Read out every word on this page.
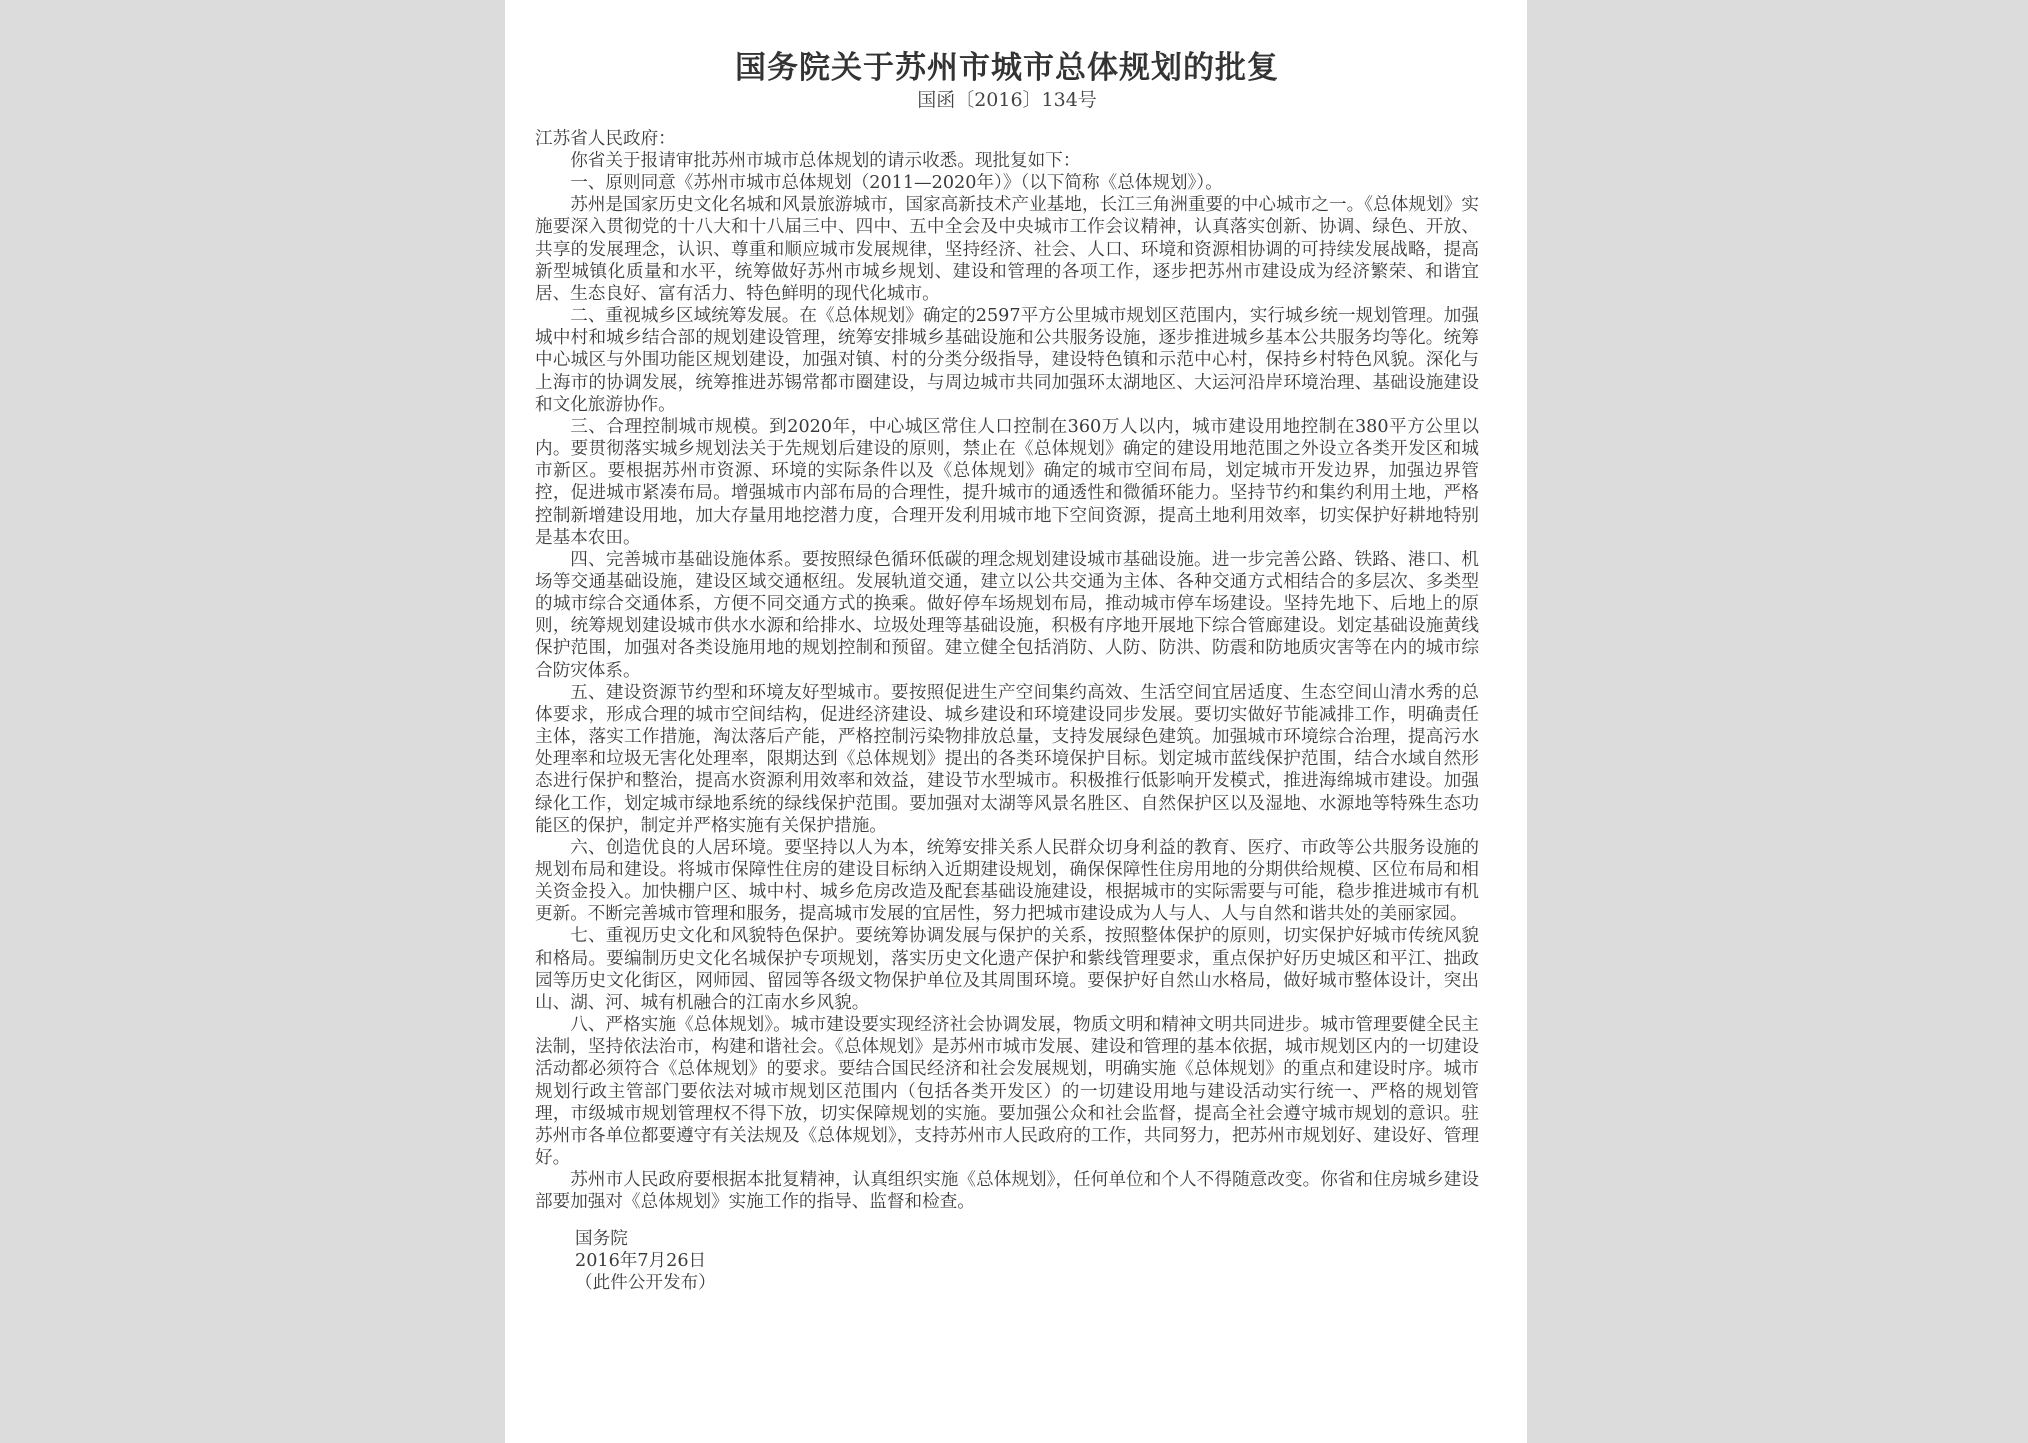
国务院关于苏州市城市总体规划的批复
国函〔2016〕134号
江苏省人民政府：

你省关于报请审批苏州市城市总体规划的请示收悉。现批复如下：

一、原则同意《苏州市城市总体规划（2011—2020年）》（以下简称《总体规划》）。

苏州是国家历史文化名城和风景旅游城市，国家高新技术产业基地，长江三角洲重要的中心城市之一。《总体规划》实施要深入贯彻党的十八大和十八届三中、四中、五中全会及中央城市工作会议精神，认真落实创新、协调、绿色、开放、共享的发展理念，认识、尊重和顺应城市发展规律，坚持经济、社会、人口、环境和资源相协调的可持续发展战略，提高新型城镇化质量和水平，统筹做好苏州市城乡规划、建设和管理的各项工作，逐步把苏州市建设成为经济繁荣、和谐宜居、生态良好、富有活力、特色鲜明的现代化城市。

二、重视城乡区域统筹发展。在《总体规划》确定的2597平方公里城市规划区范围内，实行城乡统一规划管理。加强城中村和城乡结合部的规划建设管理，统筹安排城乡基础设施和公共服务设施，逐步推进城乡基本公共服务均等化。统筹中心城区与外围功能区规划建设，加强对镇、村的分类分级指导，建设特色镇和示范中心村，保持乡村特色风貌。深化与上海市的协调发展，统筹推进苏锡常都市圈建设，与周边城市共同加强环太湖地区、大运河沿岸环境治理、基础设施建设和文化旅游协作。

三、合理控制城市规模。到2020年，中心城区常住人口控制在360万人以内，城市建设用地控制在380平方公里以内。要贯彻落实城乡规划法关于先规划后建设的原则，禁止在《总体规划》确定的建设用地范围之外设立各类开发区和城市新区。要根据苏州市资源、环境的实际条件以及《总体规划》确定的城市空间布局，划定城市开发边界，加强边界管控，促进城市紧凑布局。增强城市内部布局的合理性，提升城市的通透性和微循环能力。坚持节约和集约利用土地，严格控制新增建设用地，加大存量用地挖潜力度，合理开发利用城市地下空间资源，提高土地利用效率，切实保护好耕地特别是基本农田。

四、完善城市基础设施体系。要按照绿色循环低碳的理念规划建设城市基础设施。进一步完善公路、铁路、港口、机场等交通基础设施，建设区域交通枢纽。发展轨道交通，建立以公共交通为主体、各种交通方式相结合的多层次、多类型的城市综合交通体系，方便不同交通方式的换乘。做好停车场规划布局，推动城市停车场建设。坚持先地下、后地上的原则，统筹规划建设城市供水水源和给排水、垃圾处理等基础设施，积极有序地开展地下综合管廊建设。划定基础设施黄线保护范围，加强对各类设施用地的规划控制和预留。建立健全包括消防、人防、防洪、防震和防地质灾害等在内的城市综合防灾体系。

五、建设资源节约型和环境友好型城市。要按照促进生产空间集约高效、生活空间宜居适度、生态空间山清水秀的总体要求，形成合理的城市空间结构，促进经济建设、城乡建设和环境建设同步发展。要切实做好节能减排工作，明确责任主体，落实工作措施，淘汰落后产能，严格控制污染物排放总量，支持发展绿色建筑。加强城市环境综合治理，提高污水处理率和垃圾无害化处理率，限期达到《总体规划》提出的各类环境保护目标。划定城市蓝线保护范围，结合水域自然形态进行保护和整治，提高水资源利用效率和效益，建设节水型城市。积极推行低影响开发模式，推进海绵城市建设。加强绿化工作，划定城市绿地系统的绿线保护范围。要加强对太湖等风景名胜区、自然保护区以及湿地、水源地等特殊生态功能区的保护，制定并严格实施有关保护措施。

六、创造优良的人居环境。要坚持以人为本，统筹安排关系人民群众切身利益的教育、医疗、市政等公共服务设施的规划布局和建设。将城市保障性住房的建设目标纳入近期建设规划，确保保障性住房用地的分期供给规模、区位布局和相关资金投入。加快棚户区、城中村、城乡危房改造及配套基础设施建设，根据城市的实际需要与可能，稳步推进城市有机更新。不断完善城市管理和服务，提高城市发展的宜居性，努力把城市建设成为人与人、人与自然和谐共处的美丽家园。

七、重视历史文化和风貌特色保护。要统筹协调发展与保护的关系，按照整体保护的原则，切实保护好城市传统风貌和格局。要编制历史文化名城保护专项规划，落实历史文化遗产保护和紫线管理要求，重点保护好历史城区和平江、拙政园等历史文化街区，网师园、留园等各级文物保护单位及其周围环境。要保护好自然山水格局，做好城市整体设计，突出山、湖、河、城有机融合的江南水乡风貌。

八、严格实施《总体规划》。城市建设要实现经济社会协调发展，物质文明和精神文明共同进步。城市管理要健全民主法制，坚持依法治市，构建和谐社会。《总体规划》是苏州市城市发展、建设和管理的基本依据，城市规划区内的一切建设活动都必须符合《总体规划》的要求。要结合国民经济和社会发展规划，明确实施《总体规划》的重点和建设时序。城市规划行政主管部门要依法对城市规划区范围内（包括各类开发区）的一切建设用地与建设活动实行统一、严格的规划管理，市级城市规划管理权不得下放，切实保障规划的实施。要加强公众和社会监督，提高全社会遵守城市规划的意识。驻苏州市各单位都要遵守有关法规及《总体规划》，支持苏州市人民政府的工作，共同努力，把苏州市规划好、建设好、管理好。

苏州市人民政府要根据本批复精神，认真组织实施《总体规划》，任何单位和个人不得随意改变。你省和住房城乡建设部要加强对《总体规划》实施工作的指导、监督和检查。

国务院
2016年7月26日
（此件公开发布）
